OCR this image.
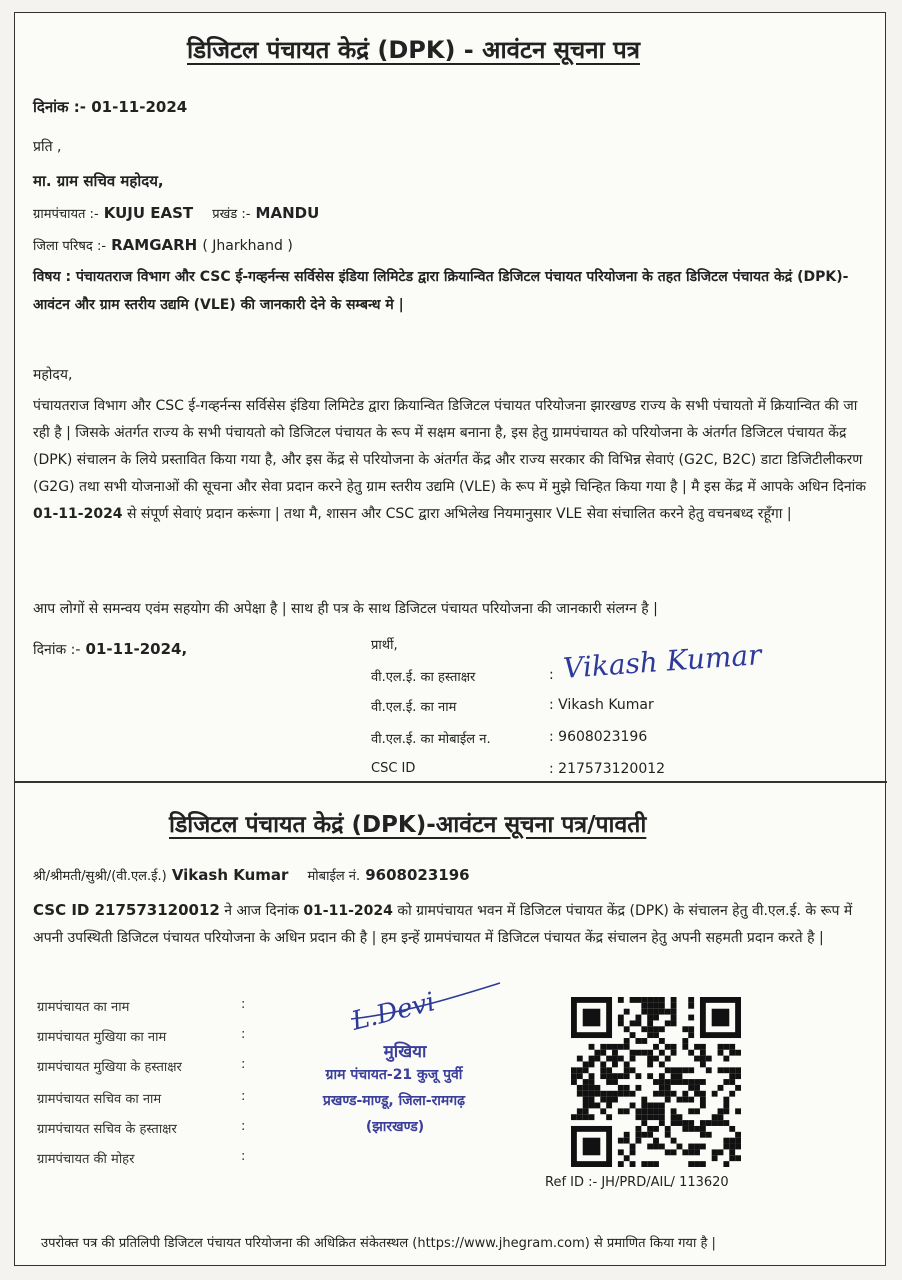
डिजिटल पंचायत केद्रं (DPK) - आवंटन सूचना पत्र
दिनांक :- 01-11-2024
प्रति ,
मा. ग्राम सचिव महोदय,
ग्रामपंचायत :- KUJU EAST प्रखंड :- MANDU
जिला परिषद :- RAMGARH ( Jharkhand )
विषय : पंचायतराज विभाग और CSC ई-गव्हर्नन्स सर्विसेस इंडिया लिमिटेड द्वारा क्रियान्वित डिजिटल पंचायत परियोजना के तहत डिजिटल पंचायत केद्रं (DPK)-आवंटन और ग्राम स्तरीय उद्यमि (VLE) की जानकारी देने के सम्बन्ध मे |
महोदय,
पंचायतराज विभाग और CSC ई-गव्हर्नन्स सर्विसेस इंडिया लिमिटेड द्वारा क्रियान्वित डिजिटल पंचायत परियोजना झारखण्ड राज्य के सभी पंचायतो में क्रियान्वित की जा रही है | जिसके अंतर्गत राज्य के सभी पंचायतो को डिजिटल पंचायत के रूप में सक्षम बनाना है, इस हेतु ग्रामपंचायत को परियोजना के अंतर्गत डिजिटल पंचायत केंद्र (DPK) संचालन के लिये प्रस्तावित किया गया है, और इस केंद्र से परियोजना के अंतर्गत केंद्र और राज्य सरकार की विभिन्न सेवाएं (G2C, B2C) डाटा डिजिटीलीकरण (G2G) तथा सभी योजनाओं की सूचना और सेवा प्रदान करने हेतु ग्राम स्तरीय उद्यमि (VLE) के रूप में मुझे चिन्हित किया गया है | मै इस केंद्र में आपके अधिन दिनांक 01-11-2024 से संपूर्ण सेवाएं प्रदान करूंगा | तथा मै, शासन और CSC द्वारा अभिलेख नियमानुसार VLE सेवा संचालित करने हेतु वचनबध्द रहूँगा |
आप लोगों से समन्वय एवंम सहयोग की अपेक्षा है | साथ ही पत्र के साथ डिजिटल पंचायत परियोजना की जानकारी संलग्न है |
दिनांक :- 01-11-2024,	प्रार्थी,
वी.एल.ई. का हस्ताक्षर	: Vikash Kumar
वी.एल.ई. का नाम	: Vikash Kumar
वी.एल.ई. का मोबाईल न.	: 9608023196
CSC ID	: 217573120012
डिजिटल पंचायत केद्रं (DPK)-आवंटन सूचना पत्र/पावती
श्री/श्रीमती/सुश्री/(वी.एल.ई.) Vikash Kumar मोबाईल नं. 9608023196
CSC ID 217573120012 ने आज दिनांक 01-11-2024 को ग्रामपंचायत भवन में डिजिटल पंचायत केंद्र (DPK) के संचालन हेतु वी.एल.ई. के रूप में अपनी उपस्थिती डिजिटल पंचायत परियोजना के अधिन प्रदान की है | हम इन्हें ग्रामपंचायत में डिजिटल पंचायत केंद्र संचालन हेतु अपनी सहमती प्रदान करते है |
ग्रामपंचायत का नाम	:
ग्रामपंचायत मुखिया का नाम	:
ग्रामपंचायत मुखिया के हस्ताक्षर	:
ग्रामपंचायत सचिव का नाम	:
ग्रामपंचायत सचिव के हस्ताक्षर	:
ग्रामपंचायत की मोहर	:
L.Devi
मुखिया
ग्राम पंचायत-21 कुजू पुर्वी
प्रखण्ड-माण्डू, जिला-रामगढ़
(झारखण्ड)
Ref ID :- JH/PRD/AIL/ 113620
उपरोक्त पत्र की प्रतिलिपी डिजिटल पंचायत परियोजना की अधिक्रित संकेतस्थल (https://www.jhegram.com) से प्रमाणित किया गया है |
